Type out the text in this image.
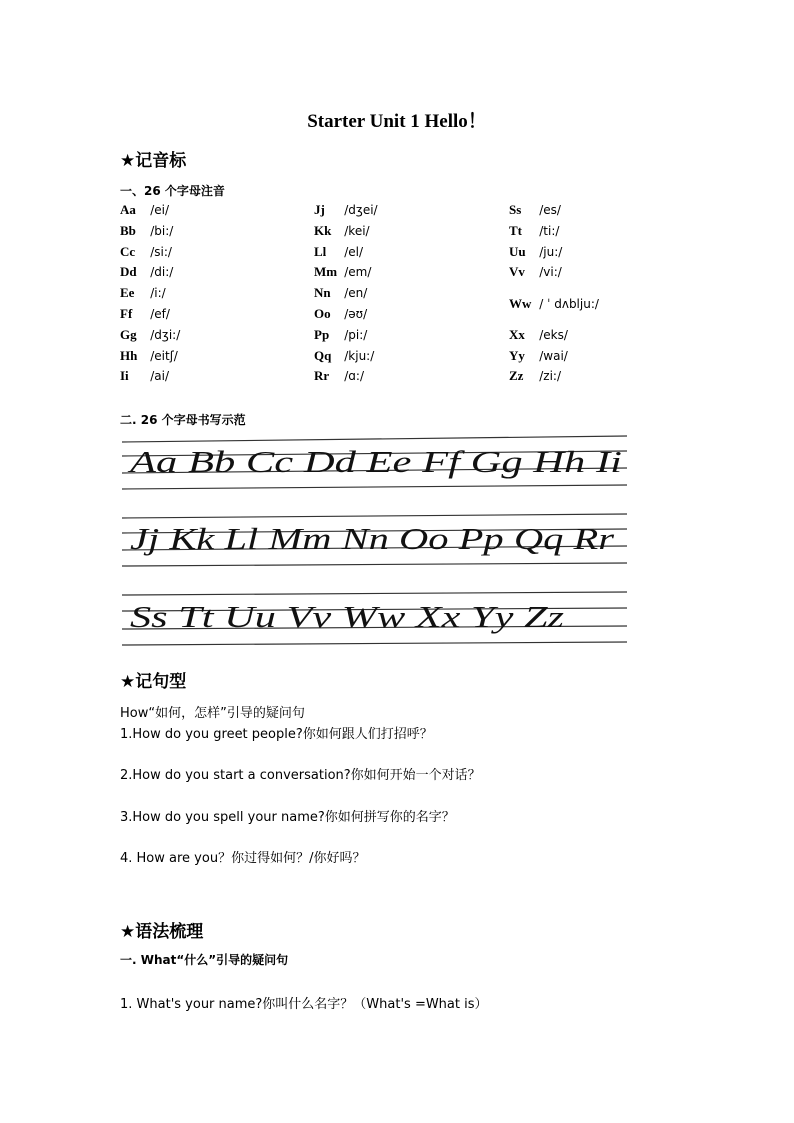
Starter Unit 1 Hello！
★记音标
一、26 个字母注音
Aa /ei/
Bb /bi:/
Cc /si:/
Dd /di:/
Ee /i:/
Ff /ef/
Gg /dʒi:/
Hh /eitʃ/
Ii /ai/
Jj /dʒei/
Kk /kei/
Ll /el/
Mm /em/
Nn /en/
Oo /əʊ/
Pp /pi:/
Qq /kju:/
Rr /ɑ:/
Ss /es/
Tt /ti:/
Uu /ju:/
Vv /vi:/
Ww / ˈ dʌblju:/
Xx /eks/
Yy /wai/
Zz /zi:/
二. 26 个字母书写示范
Aa Bb Cc Dd Ee Ff Gg Hh Ii
Jj Kk Ll Mm Nn Oo Pp Qq Rr
Ss Tt Uu Vv Ww Xx Yy Zz
★记句型
How“如何，怎样”引导的疑问句
1.How do you greet people?你如何跟人们打招呼？
2.How do you start a conversation?你如何开始一个对话？
3.How do you spell your name?你如何拼写你的名字？
4. How are you？你过得如何？/你好吗？
★语法梳理
一. What“什么”引导的疑问句
1. What's your name?你叫什么名字？（What's =What is）
